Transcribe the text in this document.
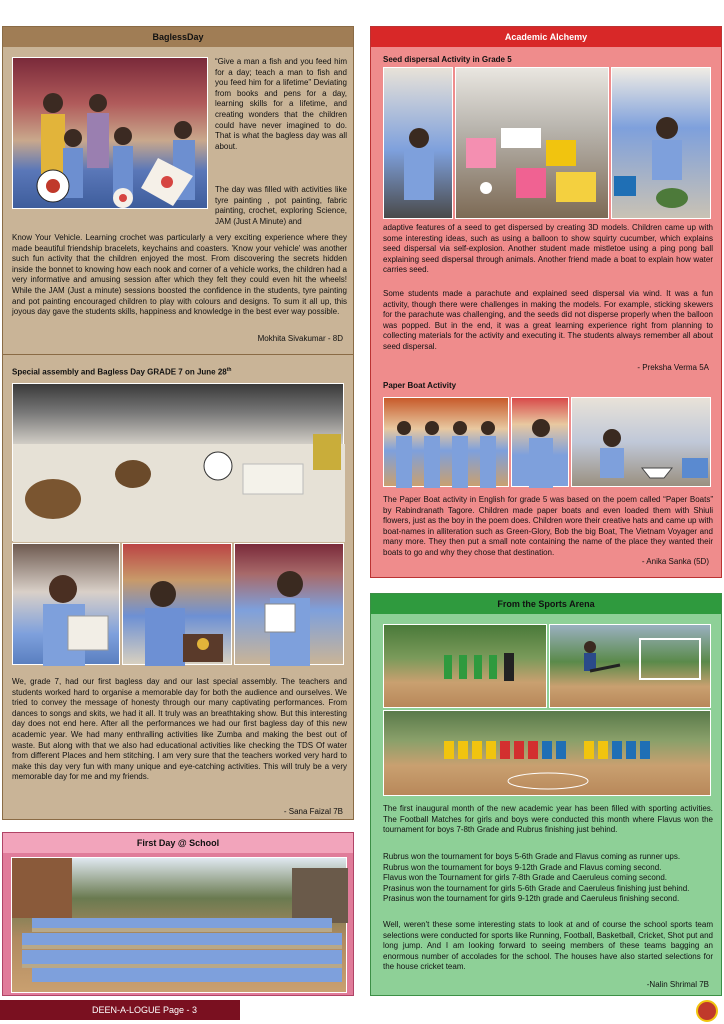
BaglessDay
“Give a man a fish and you feed him for a day; teach a man to fish and you feed him for a lifetime” Deviating from books and pens for a day, learning skills for a lifetime, and creating wonders that the children could have never imagined to do. That is what the bagless day was all about.
The day was filled with activities like tyre painting , pot painting, fabric painting, crochet, exploring Science, JAM (Just A Minute) and
Know Your Vehicle. Learning crochet was particularly a very exciting experience where they made beautiful friendship bracelets, keychains and coasters. 'Know your vehicle' was another such fun activity that the children enjoyed the most. From discovering the secrets hidden inside the bonnet to knowing how each nook and corner of a vehicle works, the children had a very informative and amusing session after which they felt they could even hit the wheels! While the JAM (Just a minute) sessions boosted the confidence in the students, tyre painting and pot painting encouraged children to play with colours and designs. To sum it all up, this joyous day gave the students skills, happiness and knowledge in the best ever way possible.
Mokhita Sivakumar - 8D
Special assembly and Bagless Day GRADE 7 on June 28th
We, grade 7, had our first bagless day and our last special assembly. The teachers and students worked hard to organise a memorable day for both the audience and ourselves. We tried to convey the message of honesty through our many captivating performances. From dances to songs and skits, we had it all. It truly was an breathtaking show. But this interesting day does not end here. After all the performances we had our first bagless day of this new academic year. We had many enthralling activities like Zumba and making the best out of waste. But along with that we also had educational activities like checking the TDS Of water from different Places and hem stitching. I am very sure that the teachers worked very hard to make this day very fun with many unique and eye-catching activities. This will truly be a very memorable day for me and my friends.
- Sana Faizal 7B
First Day @ School
Academic Alchemy
Seed dispersal Activity in Grade 5
adaptive features of a seed to get dispersed by creating 3D models. Children came up with some interesting ideas, such as using a balloon to show squirty cucumber, which explains seed dispersal via self-explosion. Another student made mistletoe using a ping pong ball explaining seed dispersal through animals. Another friend made a boat to explain how water carries seed.
Some students made a parachute and explained seed dispersal via wind. It was a fun activity, though there were challenges in making the models. For example, sticking skewers for the parachute was challenging, and the seeds did not disperse properly when the balloon was popped. But in the end, it was a great learning experience right from planning to collecting materials for the activity and executing it. The students always remember all about seed dispersal.
- Preksha Verma 5A
Paper Boat Activity
The Paper Boat activity in English for grade 5 was based on the poem called “Paper Boats” by Rabindranath Tagore. Children made paper boats and even loaded them with Shiuli flowers, just as the boy in the poem does. Children wore their creative hats and came up with boat-names in alliteration such as Green-Glory, Bob the big Boat, The Vietnam Voyager and many more. They then put a small note containing the name of the place they wanted their boats to go and why they chose that destination.
- Anika Sanka (5D)
From the Sports Arena
The first inaugural month of the new academic year has been filled with sporting activities. The Football Matches for girls and boys were conducted this month where Flavus won the tournament for boys 7-8th Grade and Rubrus finishing just behind.
Rubrus won the tournament for boys 5-6th Grade and Flavus coming as runner ups.
Rubrus won the tournament for boys 9-12th Grade and Flavus coming second.
Flavus won the Tournament for girls 7-8th Grade and Caeruleus coming second.
Prasinus won the tournament for girls 5-6th Grade and Caeruleus finishing just behind.
Prasinus won the tournament for girls 9-12th grade and Caeruleus finishing second.
Well, weren't these some interesting stats to look at and of course the school sports team selections were conducted for sports like Running, Football, Basketball, Cricket, Shot put and long jump. And I am looking forward to seeing members of these teams bagging an enormous number of accolades for the school. The houses have also started selections for the house cricket team.
-Nalin Shrimal 7B
DEEN-A-LOGUE Page - 3
